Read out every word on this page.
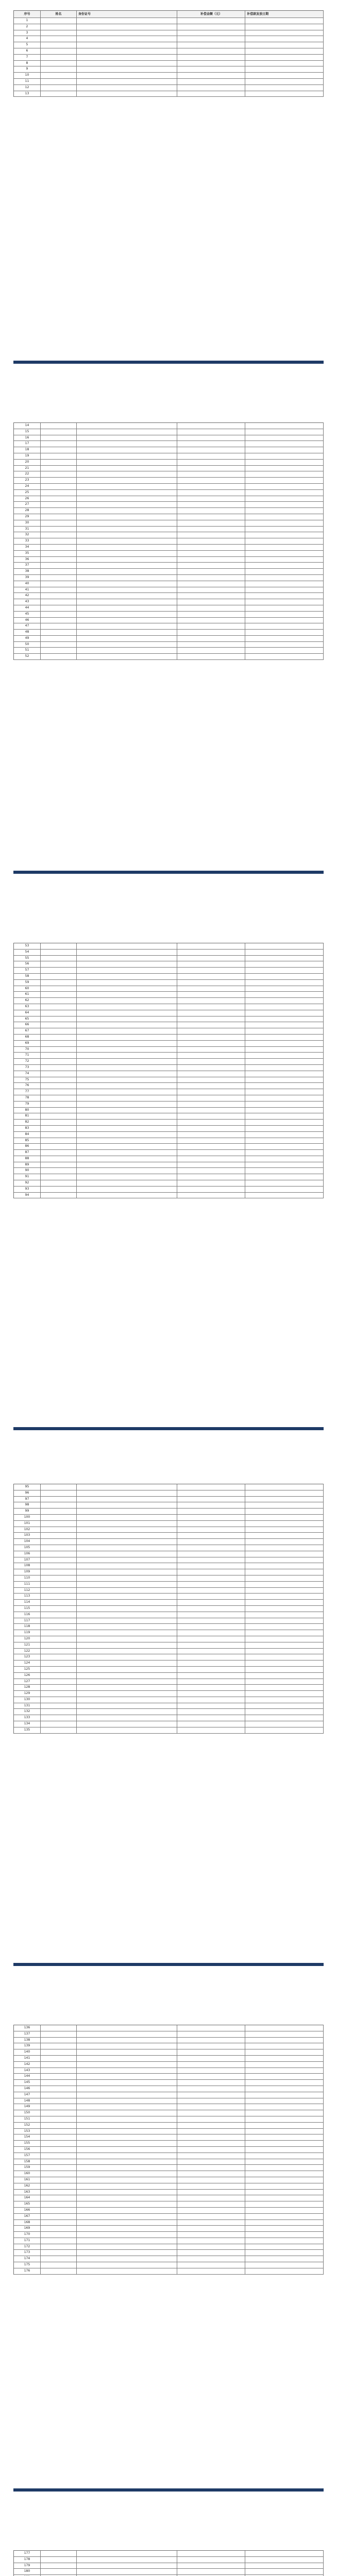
序号	姓名	身份证号	补偿金额（元）	补偿款发放日期
1
2
3
4
5
6
7
8
9
10
11
12
13
14
15
16
17
18
19
20
21
22
23
24
25
26
27
28
29
30
31
32
33
34
35
36
37
38
39
40
41
42
43
44
45
46
47
48
49
50
51
52
53
54
55
56
57
58
59
60
61
62
63
64
65
66
67
68
69
70
71
72
73
74
75
76
77
78
79
80
81
82
83
84
85
86
87
88
89
90
91
92
93
94
95
96
97
98
99
100
101
102
103
104
105
106
107
108
109
110
111
112
113
114
115
116
117
118
119
120
121
122
123
124
125
126
127
128
129
130
131
132
133
134
135
136
137
138
139
140
141
142
143
144
145
146
147
148
149
150
151
152
153
154
155
156
157
158
159
160
161
162
163
164
165
166
167
168
169
170
171
172
173
174
175
176
177
178
179
180
